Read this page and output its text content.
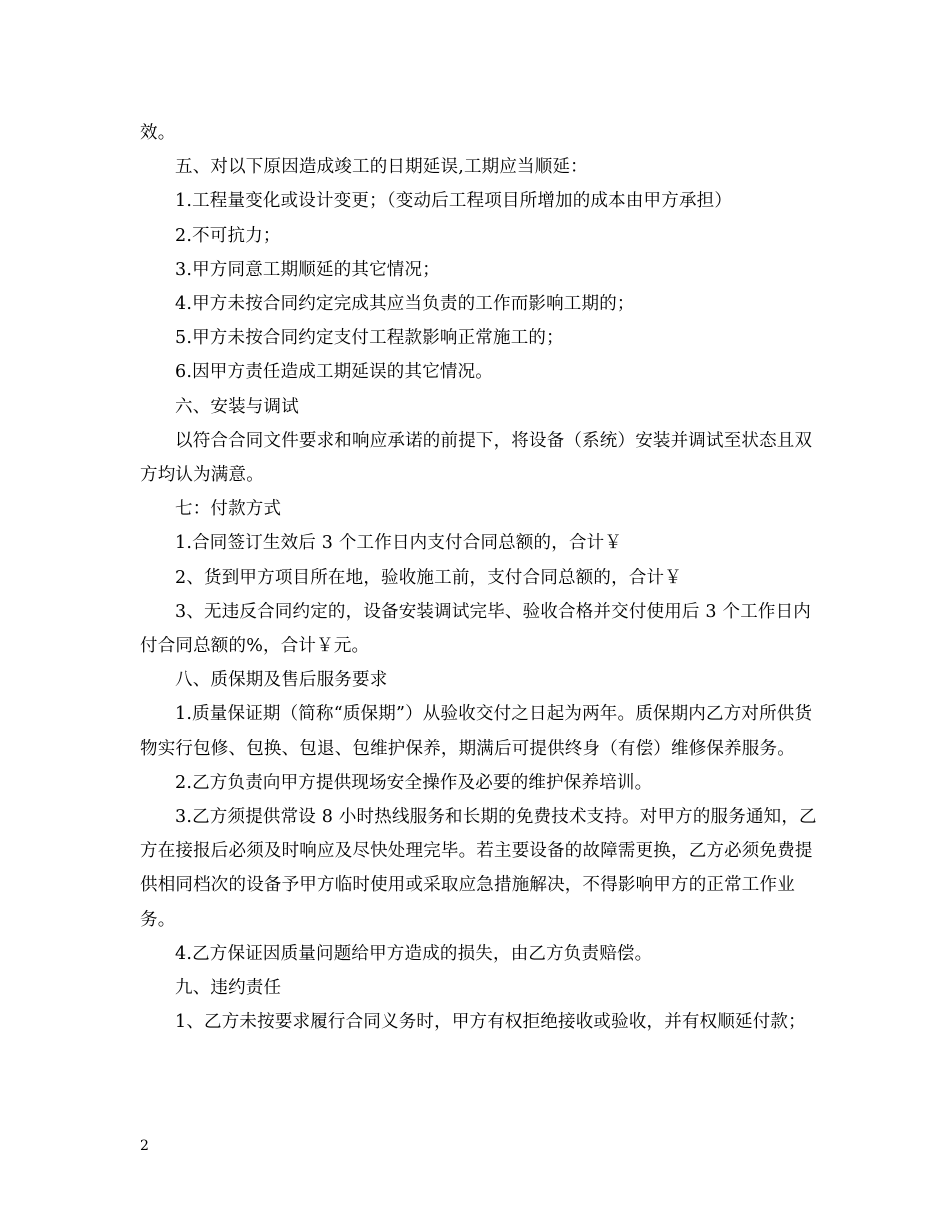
效。

五、对以下原因造成竣工的日期延误,工期应当顺延：

1.工程量变化或设计变更；（变动后工程项目所增加的成本由甲方承担）

2.不可抗力；

3.甲方同意工期顺延的其它情况；

4.甲方未按合同约定完成其应当负责的工作而影响工期的；

5.甲方未按合同约定支付工程款影响正常施工的；

6.因甲方责任造成工期延误的其它情况。

六、安装与调试

以符合合同文件要求和响应承诺的前提下，将设备（系统）安装并调试至状态且双方均认为满意。

七：付款方式

1.合同签订生效后 3 个工作日内支付合同总额的，合计￥

2、货到甲方项目所在地，验收施工前，支付合同总额的，合计￥

3、无违反合同约定的，设备安装调试完毕、验收合格并交付使用后 3 个工作日内付合同总额的%，合计￥元。

八、质保期及售后服务要求

1.质量保证期（简称“质保期”）从验收交付之日起为两年。质保期内乙方对所供货物实行包修、包换、包退、包维护保养，期满后可提供终身（有偿）维修保养服务。

2.乙方负责向甲方提供现场安全操作及必要的维护保养培训。

3.乙方须提供常设 8 小时热线服务和长期的免费技术支持。对甲方的服务通知，乙方在接报后必须及时响应及尽快处理完毕。若主要设备的故障需更换，乙方必须免费提供相同档次的设备予甲方临时使用或采取应急措施解决，不得影响甲方的正常工作业务。

4.乙方保证因质量问题给甲方造成的损失，由乙方负责赔偿。

九、违约责任

1、乙方未按要求履行合同义务时，甲方有权拒绝接收或验收，并有权顺延付款；

2
